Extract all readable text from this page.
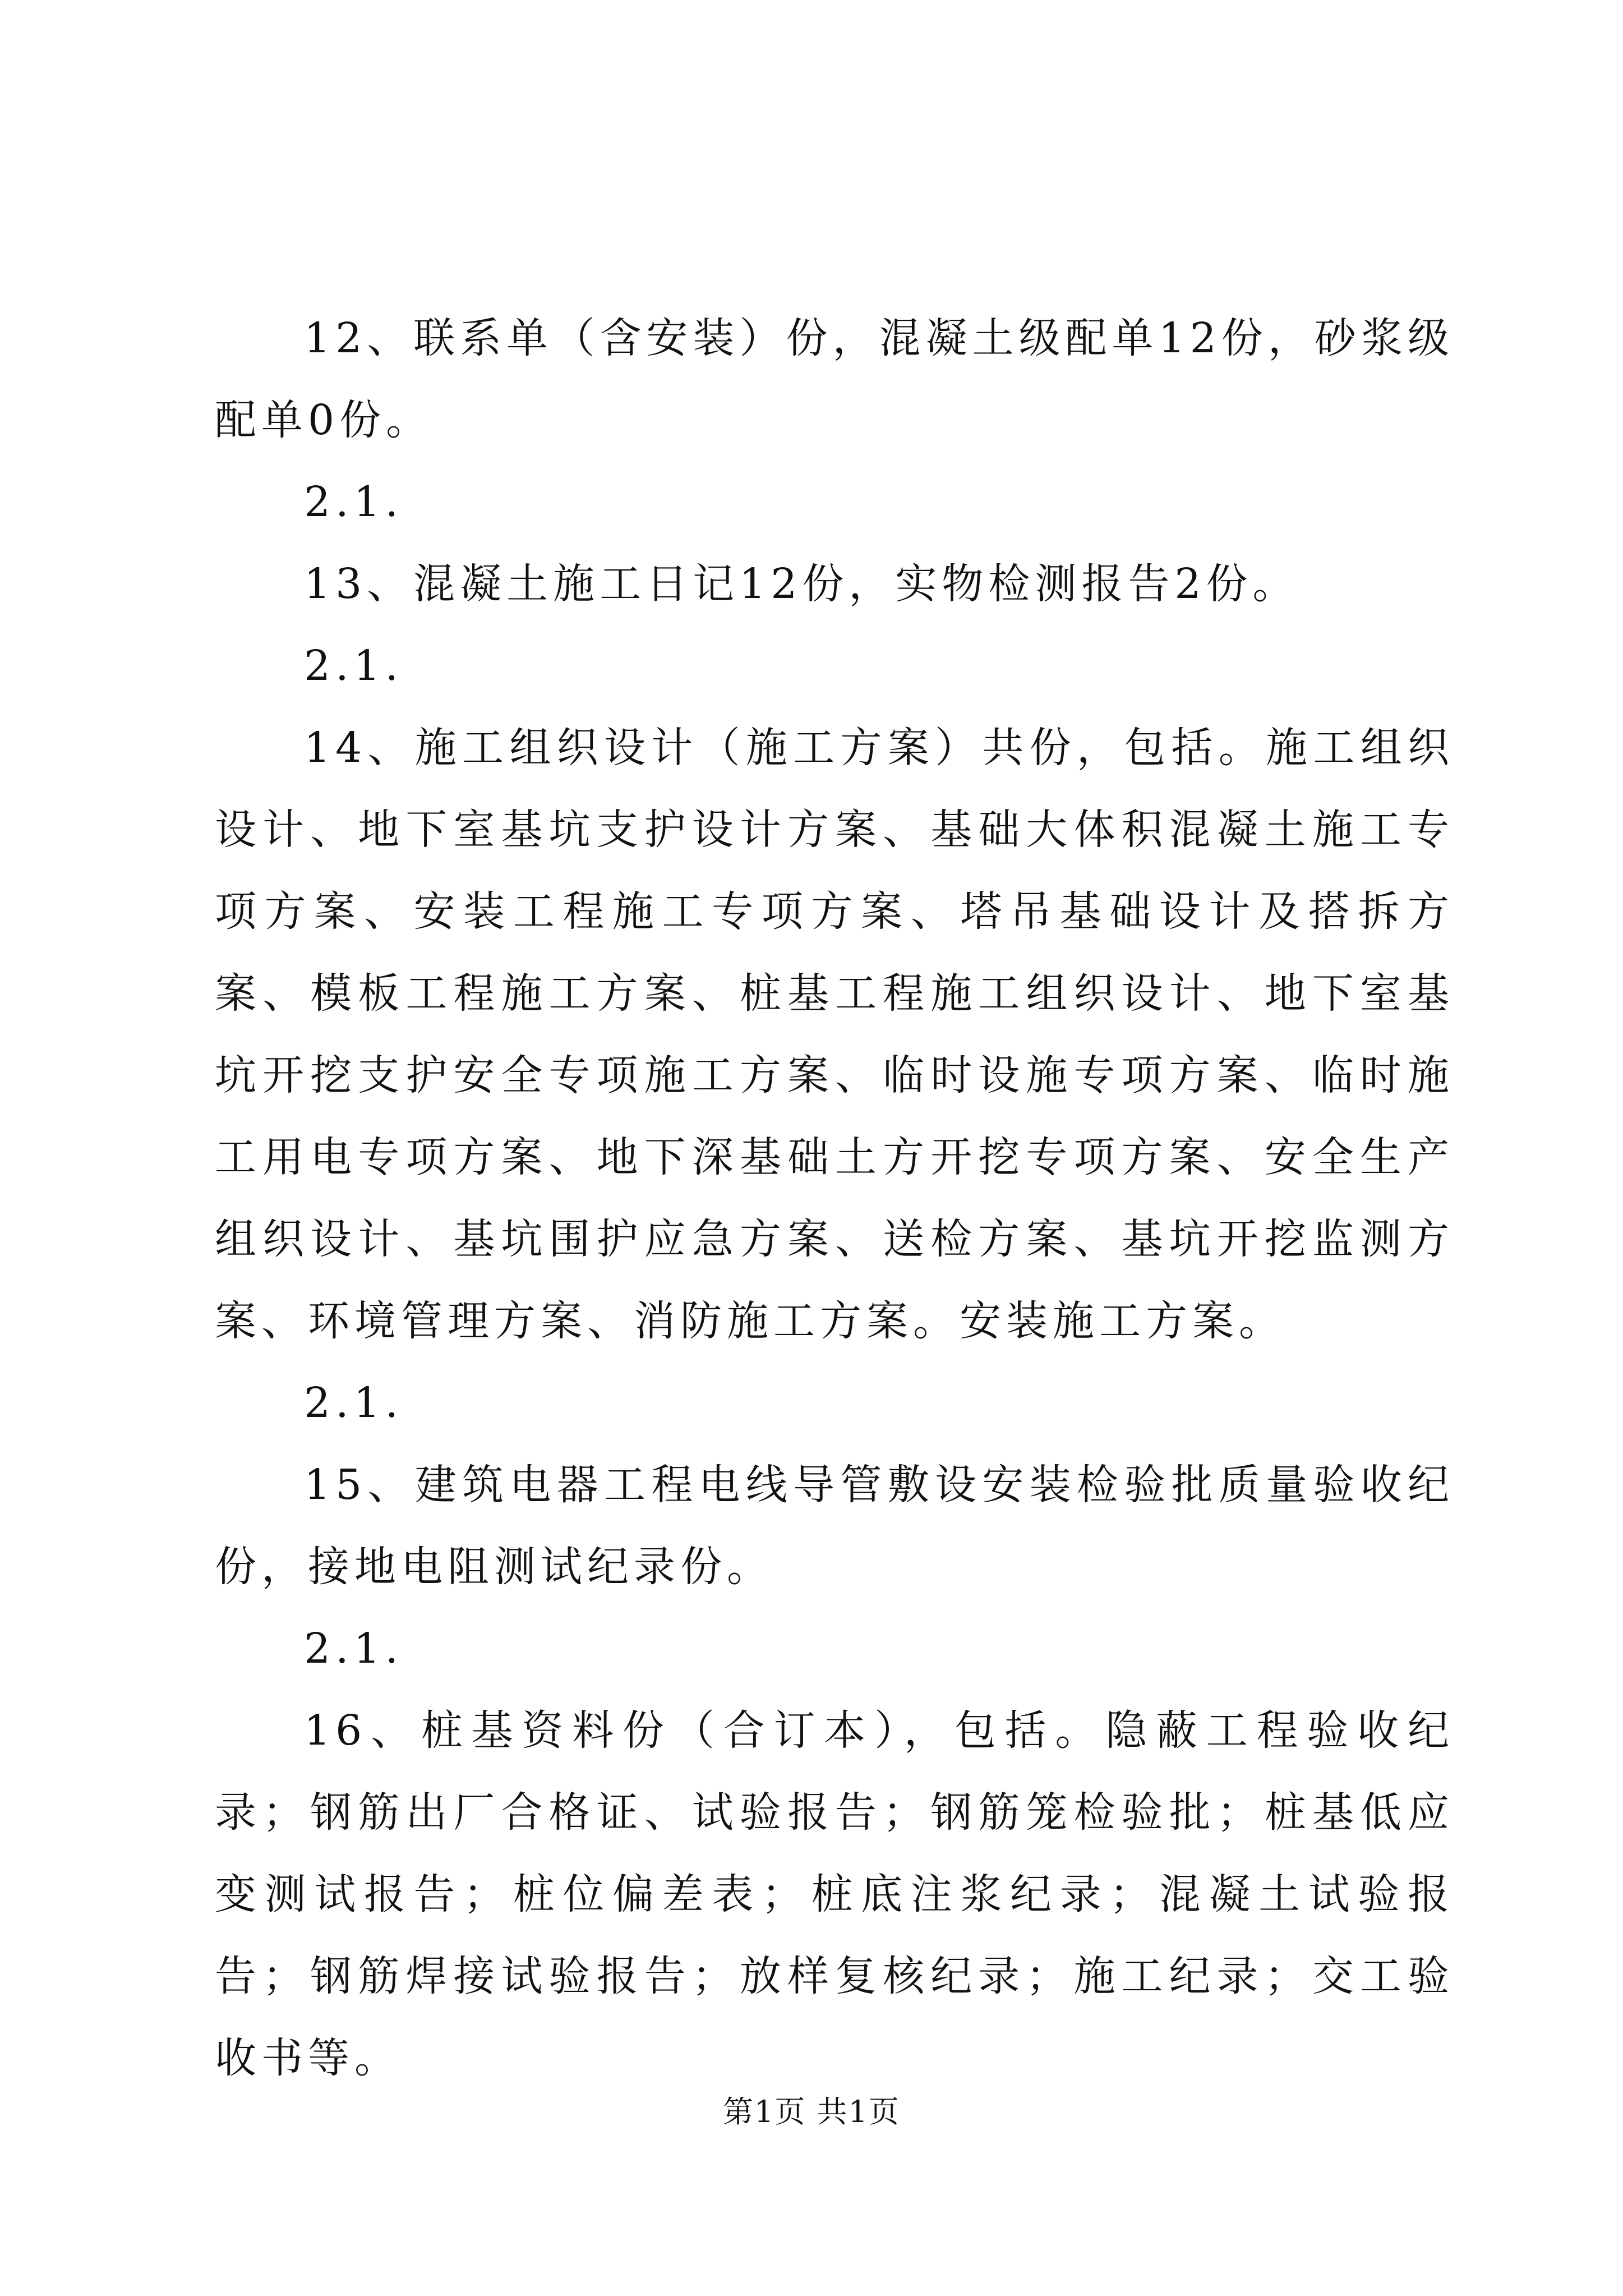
12、联系单（含安装）份，混凝土级配单12份，砂浆级配单0份。

2.1.

13、混凝土施工日记12份，实物检测报告2份。

2.1.

14、施工组织设计（施工方案）共份，包括。施工组织设计、地下室基坑支护设计方案、基础大体积混凝土施工专项方案、安装工程施工专项方案、塔吊基础设计及搭拆方案、模板工程施工方案、桩基工程施工组织设计、地下室基坑开挖支护安全专项施工方案、临时设施专项方案、临时施工用电专项方案、地下深基础土方开挖专项方案、安全生产组织设计、基坑围护应急方案、送检方案、基坑开挖监测方案、环境管理方案、消防施工方案。安装施工方案。

2.1.

15、建筑电器工程电线导管敷设安装检验批质量验收纪份，接地电阻测试纪录份。

2.1.

16、桩基资料份（合订本），包括。隐蔽工程验收纪录；钢筋出厂合格证、试验报告；钢筋笼检验批；桩基低应变测试报告；桩位偏差表；桩底注浆纪录；混凝土试验报告；钢筋焊接试验报告；放样复核纪录；施工纪录；交工验收书等。

第1页 共1页
